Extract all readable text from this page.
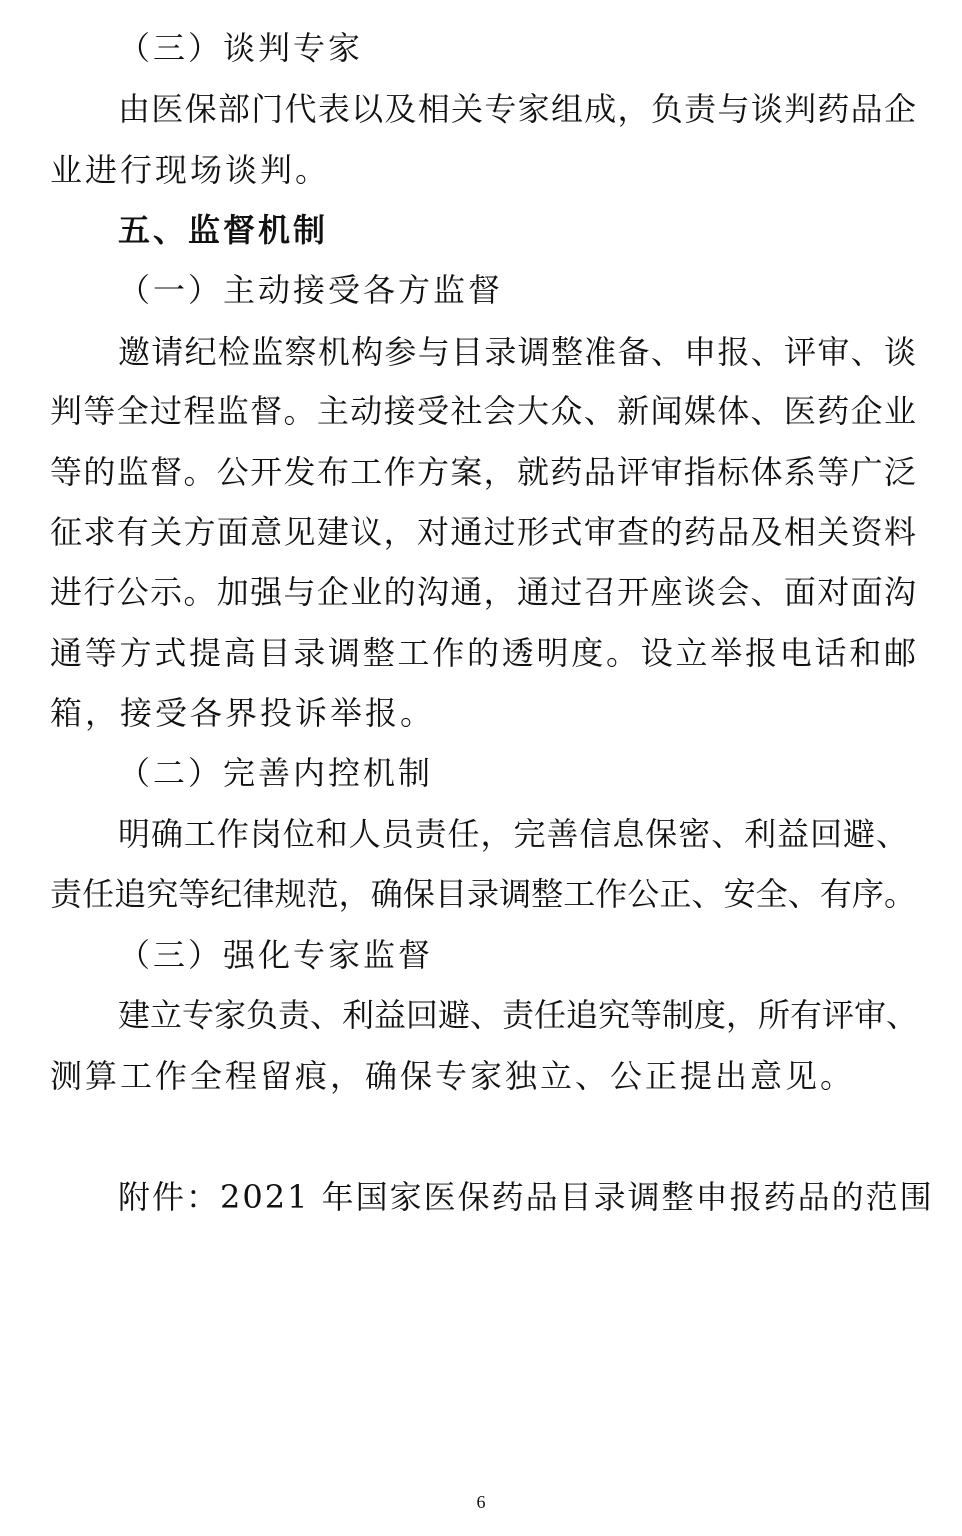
（三）谈判专家
由医保部门代表以及相关专家组成，负责与谈判药品企
业进行现场谈判。
五、监督机制
（一）主动接受各方监督
邀请纪检监察机构参与目录调整准备、申报、评审、谈
判等全过程监督。主动接受社会大众、新闻媒体、医药企业
等的监督。公开发布工作方案，就药品评审指标体系等广泛
征求有关方面意见建议，对通过形式审查的药品及相关资料
进行公示。加强与企业的沟通，通过召开座谈会、面对面沟
通等方式提高目录调整工作的透明度。设立举报电话和邮
箱，接受各界投诉举报。
（二）完善内控机制
明确工作岗位和人员责任，完善信息保密、利益回避、
责任追究等纪律规范，确保目录调整工作公正、安全、有序。
（三）强化专家监督
建立专家负责、利益回避、责任追究等制度，所有评审、
测算工作全程留痕，确保专家独立、公正提出意见。
附件：2021 年国家医保药品目录调整申报药品的范围
6
